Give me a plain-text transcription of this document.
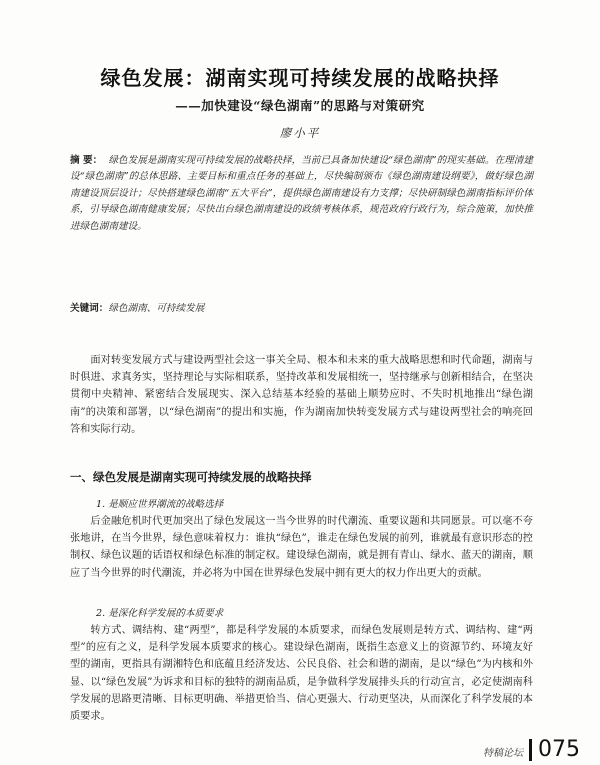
绿色发展：湖南实现可持续发展的战略抉择
——加快建设“绿色湖南”的思路与对策研究
廖小平
摘 要： 绿色发展是湖南实现可持续发展的战略抉择，当前已具备加快建设“绿色湖南”的现实基础。在理清建设“绿色湖南”的总体思路、主要目标和重点任务的基础上，尽快编制颁布《绿色湖南建设纲要》，做好绿色湖南建设顶层设计；尽快搭建绿色湖南“五大平台”，提供绿色湖南建设有力支撑；尽快研制绿色湖南指标评价体系，引导绿色湖南健康发展；尽快出台绿色湖南建设的政绩考核体系，规范政府行政行为，综合施策，加快推进绿色湖南建设。
关键词：绿色湖南、可持续发展
面对转变发展方式与建设两型社会这一事关全局、根本和未来的重大战略思想和时代命题，湖南与时俱进、求真务实，坚持理论与实际相联系，坚持改革和发展相统一，坚持继承与创新相结合，在坚决贯彻中央精神、紧密结合发展现实、深入总结基本经验的基础上顺势应时、不失时机地推出“绿色湖南”的决策和部署，以“绿色湖南”的提出和实施，作为湖南加快转变发展方式与建设两型社会的响亮回答和实际行动。
一、绿色发展是湖南实现可持续发展的战略抉择
1. 是顺应世界潮流的战略选择
后金融危机时代更加突出了绿色发展这一当今世界的时代潮流、重要议题和共同愿景。可以毫不夸张地讲，在当今世界，绿色意味着权力：谁执“绿色”，谁走在绿色发展的前列，谁就最有意识形态的控制权、绿色议题的话语权和绿色标准的制定权。建设绿色湖南，就是拥有青山、绿水、蓝天的湖南，顺应了当今世界的时代潮流，并必将为中国在世界绿色发展中拥有更大的权力作出更大的贡献。
2. 是深化科学发展的本质要求
转方式、调结构、建“两型”，都是科学发展的本质要求，而绿色发展则是转方式、调结构、建“两型”的应有之义，是科学发展本质要求的核心。建设绿色湖南，既指生态意义上的资源节约、环境友好型的湖南，更指具有湖湘特色和底蕴且经济发达、公民良俗、社会和谐的湖南，是以“绿色”为内核和外显、以“绿色发展”为诉求和目标的独特的湖南品质，是争做科学发展排头兵的行动宣言，必定使湖南科学发展的思路更清晰、目标更明确、举措更恰当、信心更强大、行动更坚决，从而深化了科学发展的本质要求。
特稿论坛 075
